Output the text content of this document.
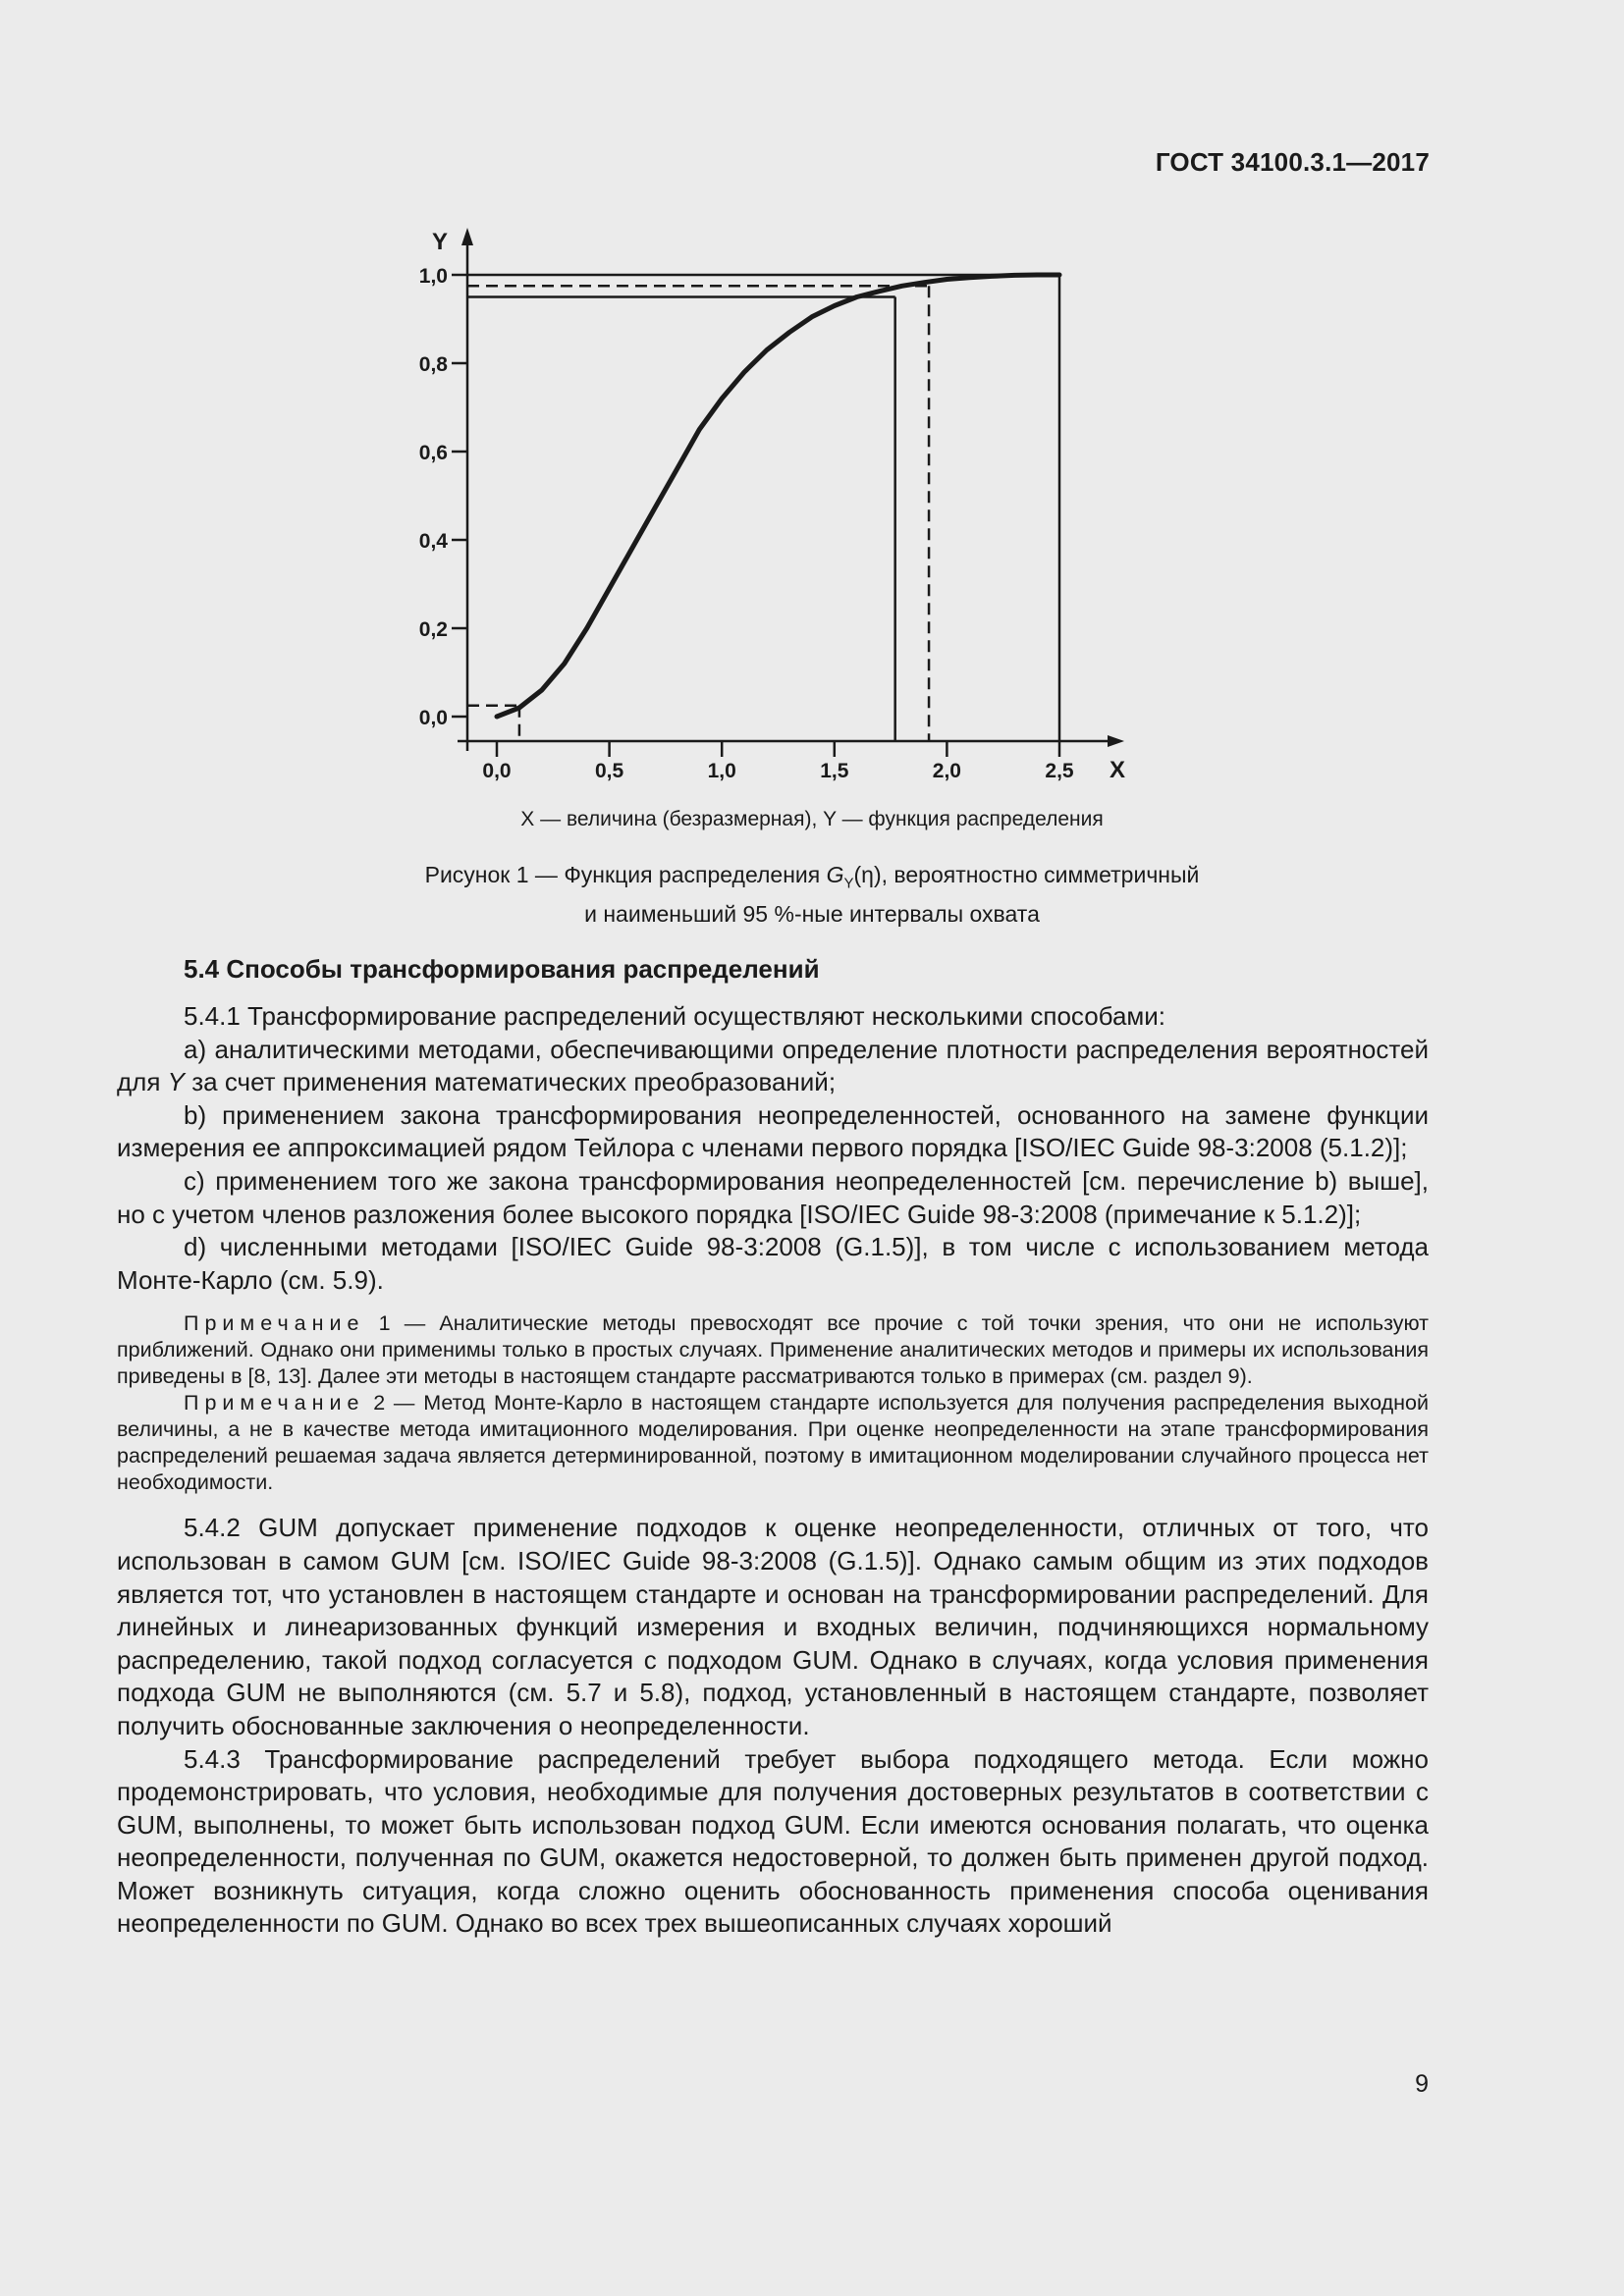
ГОСТ 34100.3.1—2017
X
Y
0,0
0,2
0,4
0,6
0,8
1,0
0,0	0,5	1,0	1,5	2,0	2,5
X — величина (безразмерная), Y — функция распределения
Рисунок 1 — Функция распределения $G_Y(\eta)$, вероятностно симметричный
и наименьший 95 %-ные интервалы охвата
5.4 Способы трансформирования распределений

5.4.1 Трансформирование распределений осуществляют несколькими способами:

a) аналитическими методами, обеспечивающими определение плотности распределения вероятностей для Y за счет применения математических преобразований;

b) применением закона трансформирования неопределенностей, основанного на замене функции измерения ее аппроксимацией рядом Тейлора с членами первого порядка [ISO/IEC Guide 98-3:2008 (5.1.2)];

c) применением того же закона трансформирования неопределенностей [см. перечисление b) выше], но с учетом членов разложения более высокого порядка [ISO/IEC Guide 98-3:2008 (примечание к 5.1.2)];

d) численными методами [ISO/IEC Guide 98-3:2008 (G.1.5)], в том числе с использованием метода Монте-Карло (см. 5.9).

Примечание 1 — Аналитические методы превосходят все прочие с той точки зрения, что они не используют приближений. Однако они применимы только в простых случаях. Применение аналитических методов и примеры их использования приведены в [8, 13]. Далее эти методы в настоящем стандарте рассматриваются только в примерах (см. раздел 9).

Примечание 2 — Метод Монте-Карло в настоящем стандарте используется для получения распределения выходной величины, а не в качестве метода имитационного моделирования. При оценке неопределенности на этапе трансформирования распределений решаемая задача является детерминированной, поэтому в имитационном моделировании случайного процесса нет необходимости.

5.4.2 GUM допускает применение подходов к оценке неопределенности, отличных от того, что использован в самом GUM [см. ISO/IEC Guide 98-3:2008 (G.1.5)]. Однако самым общим из этих подходов является тот, что установлен в настоящем стандарте и основан на трансформировании распределений. Для линейных и линеаризованных функций измерения и входных величин, подчиняющихся нормальному распределению, такой подход согласуется с подходом GUM. Однако в случаях, когда условия применения подхода GUM не выполняются (см. 5.7 и 5.8), подход, установленный в настоящем стандарте, позволяет получить обоснованные заключения о неопределенности.

5.4.3 Трансформирование распределений требует выбора подходящего метода. Если можно продемонстрировать, что условия, необходимые для получения достоверных результатов в соответствии с GUM, выполнены, то может быть использован подход GUM. Если имеются основания полагать, что оценка неопределенности, полученная по GUM, окажется недостоверной, то должен быть применен другой подход. Может возникнуть ситуация, когда сложно оценить обоснованность применения способа оценивания неопределенности по GUM. Однако во всех трех вышеописанных случаях хороший

9
